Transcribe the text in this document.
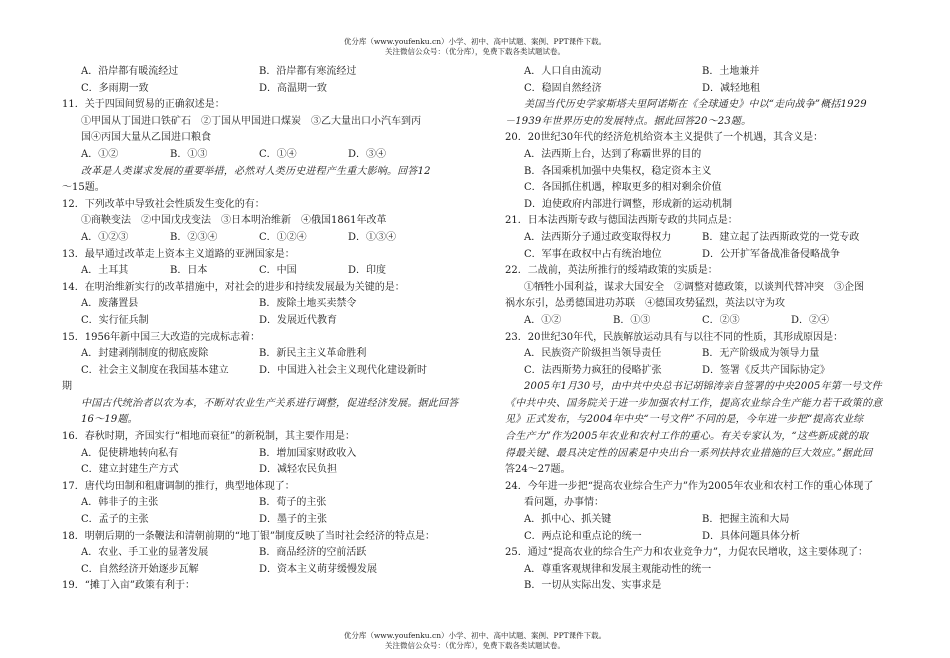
优分库（www.youfenku.cn）小学、初中、高中试题、案例、PPT课件下载。
关注微信公众号：（优分库），免费下载各类试题试卷。
A．沿岸都有暖流经过	B．沿岸都有寒流经过
C．多雨期一致	D．高温期一致
11．关于四国间贸易的正确叙述是：
①甲国从丁国进口铁矿石　②丁国从甲国进口煤炭　③乙大量出口小汽车到丙
国④丙国大量从乙国进口粮食
A．①②	B．①③	C．①④	D．③④
改革是人类谋求发展的重要举措，必然对人类历史进程产生重大影响。回答12
～15题。
12．下列改革中导致社会性质发生变化的有：
①商鞅变法　②中国戊戌变法　③日本明治维新　④俄国1861年改革
A．①②③	B．②③④	C．①②④	D．①③④
13．最早通过改革走上资本主义道路的亚洲国家是：
A．土耳其	B．日本	C．中国	D．印度
14．在明治维新实行的改革措施中，对社会的进步和持续发展最为关键的是：
A．废藩置县	B．废除土地买卖禁令
C．实行征兵制	D．发展近代教育
15．1956年新中国三大改造的完成标志着：
A．封建剥削制度的彻底废除	B．新民主主义革命胜利
C．社会主义制度在我国基本建立	D．中国进入社会主义现代化建设新时
期
中国古代统治者以农为本，不断对农业生产关系进行调整，促进经济发展。据此回答16～19题。
16．春秋时期，齐国实行“相地而衰征”的新税制，其主要作用是：
A．促使耕地转向私有	B．增加国家财政收入
C．建立封建生产方式	D．减轻农民负担
17．唐代均田制和租庸调制的推行，典型地体现了：
A．韩非子的主张	B．荀子的主张
C．孟子的主张	D．墨子的主张
18．明朝后期的一条鞭法和清朝前期的“地丁银”制度反映了当时社会经济的特点是：
A．农业、手工业的显著发展	B．商品经济的空前活跃
C．自然经济开始逐步瓦解	D．资本主义萌芽缓慢发展
19．“摊丁入亩”政策有利于：
A．人口自由流动	B．土地兼并
C．稳固自然经济	D．减轻地租
美国当代历史学家斯塔夫里阿诺斯在《全球通史》中以“走向战争”概括1929
－1939年世界历史的发展特点。据此回答20～23题。
20．20世纪30年代的经济危机给资本主义提供了一个机遇，其含义是：
A．法西斯上台，达到了称霸世界的目的
B．各国乘机加强中央集权，稳定资本主义
C．各国抓住机遇，榨取更多的相对剩余价值
D．迫使政府内部进行调整，形成新的运动机制
21．日本法西斯专政与德国法西斯专政的共同点是：
A．法西斯分子通过政变取得权力	B．建立起了法西斯政党的一党专政
C．军事在政权中占有统治地位	D．公开扩军备战准备侵略战争
22．二战前，英法所推行的绥靖政策的实质是：
①牺牲小国利益，谋求大国安全　②调整对德政策，以谈判代替冲突　③企图
祸水东引，怂勇德国进功苏联　④德国攻势猛烈，英法以守为攻
A．①②	B．①③	C．②③	D．②④
23．20世纪30年代，民族解放运动具有与以往不同的性质，其形成原因是：
A．民族资产阶级担当领导责任	B．无产阶级成为领导力量
C．法西斯势力疯狂的侵略扩张	D．签署《反共产国际协定》
2005年1月30号，由中共中央总书记胡锦涛亲自签署的中央2005年第一号文件
《中共中央、国务院关于进一步加强农村工作，提高农业综合生产能力若干政策的意
见》正式发布，与2004年中央“一号文件”不同的是，今年进一步把“提高农业综
合生产力”作为2005年农业和农村工作的重心。有关专家认为，“这些新成就的取
得最关键、最具决定性的因素是中央出台一系列扶持农业措施的巨大效应。”据此回
答24～27题。
24．今年进一步把“提高农业综合生产力”作为2005年农业和农村工作的重心体现了
看问题，办事情：
A．抓中心、抓关键	B．把握主流和大局
C．两点论和重点论的统一	D．具体问题具体分析
25．通过“提高农业的综合生产力和农业竞争力”，力促农民增收，这主要体现了：
A．尊重客观规律和发展主观能动性的统一
B．一切从实际出发、实事求是
优分库（www.youfenku.cn）小学、初中、高中试题、案例、PPT课件下载。
关注微信公众号：（优分库），免费下载各类试题试卷。
